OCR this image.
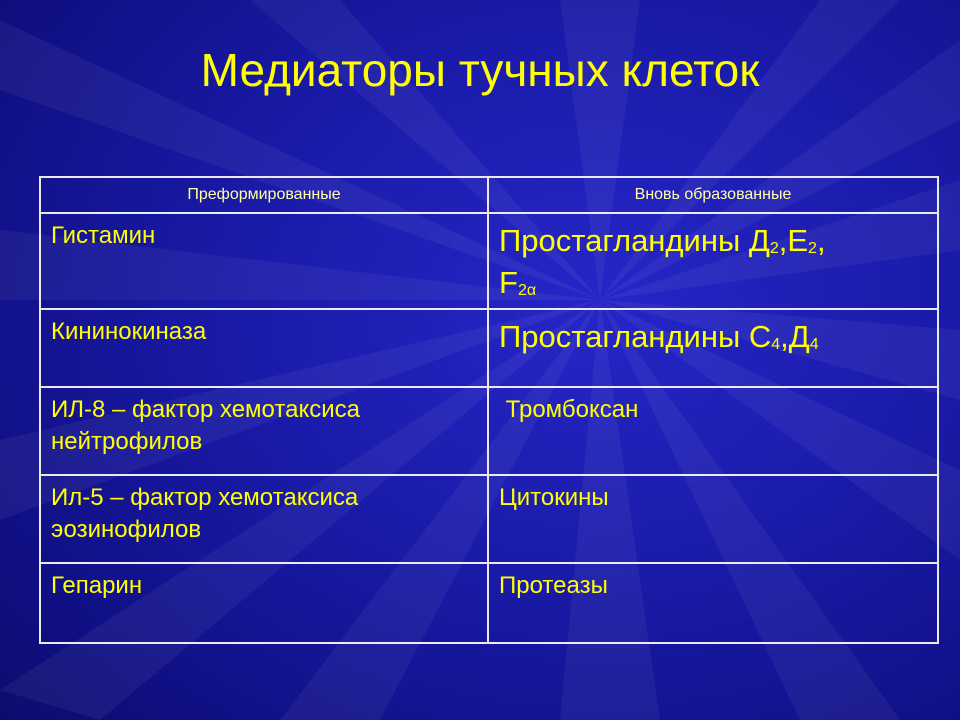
Медиаторы тучных клеток
Преформированные	Вновь образованные
Гистамин	Простагландины $Д_2,Е_2$,
$F_{2\alpha}$
Кининокиназа	Простагландины $С_4,Д_4$
ИЛ-8 – фактор хемотаксиса нейтрофилов	Тромбоксан
Ил-5 – фактор хемотаксиса эозинофилов	Цитокины
Гепарин	Протеазы
